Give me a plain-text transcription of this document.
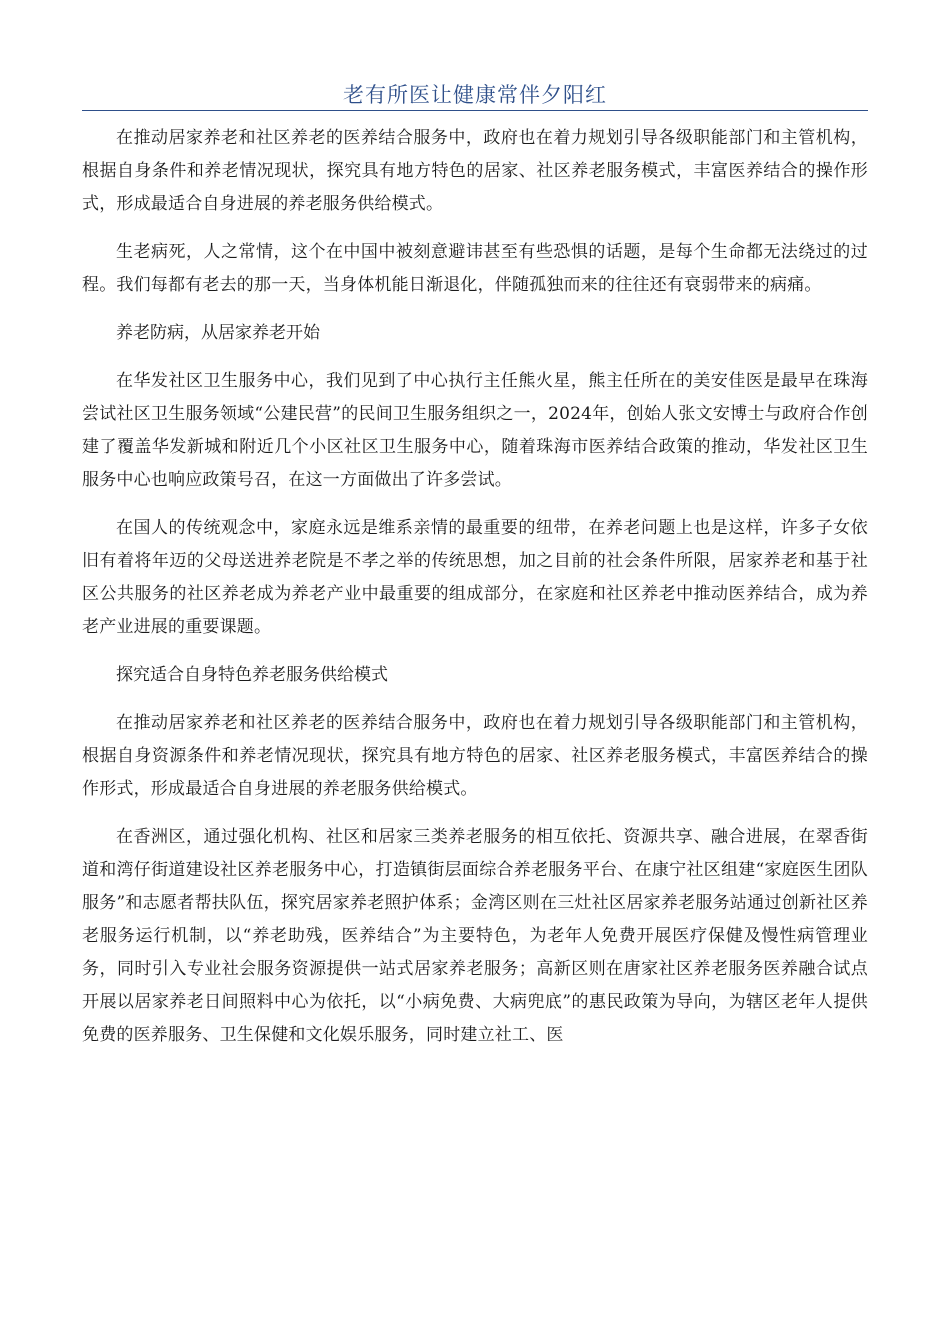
老有所医让健康常伴夕阳红

在推动居家养老和社区养老的医养结合服务中，政府也在着力规划引导各级职能部门和主管机构，根据自身条件和养老情况现状，探究具有地方特色的居家、社区养老服务模式，丰富医养结合的操作形式，形成最适合自身进展的养老服务供给模式。

生老病死，人之常情，这个在中国中被刻意避讳甚至有些恐惧的话题，是每个生命都无法绕过的过程。我们每都有老去的那一天，当身体机能日渐退化，伴随孤独而来的往往还有衰弱带来的病痛。

养老防病，从居家养老开始

在华发社区卫生服务中心，我们见到了中心执行主任熊火星，熊主任所在的美安佳医是最早在珠海尝试社区卫生服务领域“公建民营”的民间卫生服务组织之一，2024年，创始人张文安博士与政府合作创建了覆盖华发新城和附近几个小区社区卫生服务中心，随着珠海市医养结合政策的推动，华发社区卫生服务中心也响应政策号召，在这一方面做出了许多尝试。

在国人的传统观念中，家庭永远是维系亲情的最重要的纽带，在养老问题上也是这样，许多子女依旧有着将年迈的父母送进养老院是不孝之举的传统思想，加之目前的社会条件所限，居家养老和基于社区公共服务的社区养老成为养老产业中最重要的组成部分，在家庭和社区养老中推动医养结合，成为养老产业进展的重要课题。

探究适合自身特色养老服务供给模式

在推动居家养老和社区养老的医养结合服务中，政府也在着力规划引导各级职能部门和主管机构，根据自身资源条件和养老情况现状，探究具有地方特色的居家、社区养老服务模式，丰富医养结合的操作形式，形成最适合自身进展的养老服务供给模式。

在香洲区，通过强化机构、社区和居家三类养老服务的相互依托、资源共享、融合进展，在翠香街道和湾仔街道建设社区养老服务中心，打造镇街层面综合养老服务平台、在康宁社区组建“家庭医生团队服务”和志愿者帮扶队伍，探究居家养老照护体系；金湾区则在三灶社区居家养老服务站通过创新社区养老服务运行机制，以“养老助残，医养结合”为主要特色，为老年人免费开展医疗保健及慢性病管理业务，同时引入专业社会服务资源提供一站式居家养老服务；高新区则在唐家社区养老服务医养融合试点开展以居家养老日间照料中心为依托，以“小病免费、大病兜底”的惠民政策为导向，为辖区老年人提供免费的医养服务、卫生保健和文化娱乐服务，同时建立社工、医
